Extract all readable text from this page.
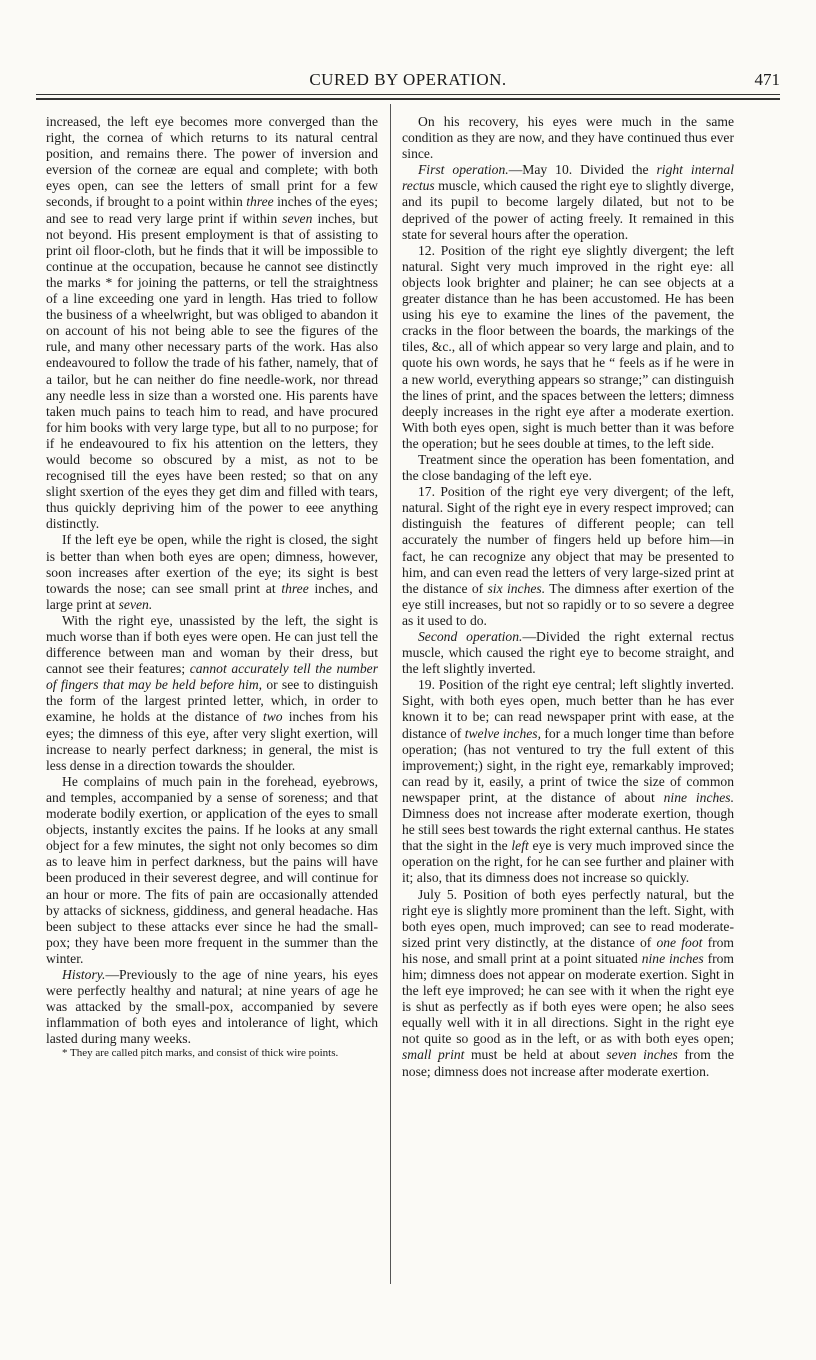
CURED BY OPERATION.	471

increased, the left eye becomes more converged than the right, the cornea of which returns to its natural central position, and remains there. The power of inversion and eversion of the corneæ are equal and complete; with both eyes open, can see the letters of small print for a few seconds, if brought to a point within three inches of the eyes; and see to read very large print if within seven inches, but not beyond. His present employment is that of assisting to print oil floor-cloth, but he finds that it will be impossible to continue at the occupation, because he cannot see distinctly the marks * for joining the patterns, or tell the straightness of a line exceeding one yard in length. Has tried to follow the business of a wheelwright, but was obliged to abandon it on account of his not being able to see the figures of the rule, and many other necessary parts of the work. Has also endeavoured to follow the trade of his father, namely, that of a tailor, but he can neither do fine needle-work, nor thread any needle less in size than a worsted one. His parents have taken much pains to teach him to read, and have procured for him books with very large type, but all to no purpose; for if he endeavoured to fix his attention on the letters, they would become so obscured by a mist, as not to be recognised till the eyes have been rested; so that on any slight sxertion of the eyes they get dim and filled with tears, thus quickly depriving him of the power to eee anything distinctly.

If the left eye be open, while the right is closed, the sight is better than when both eyes are open; dimness, however, soon increases after exertion of the eye; its sight is best towards the nose; can see small print at three inches, and large print at seven.

With the right eye, unassisted by the left, the sight is much worse than if both eyes were open. He can just tell the difference between man and woman by their dress, but cannot see their features; cannot accurately tell the number of fingers that may be held before him, or see to distinguish the form of the largest printed letter, which, in order to examine, he holds at the distance of two inches from his eyes; the dimness of this eye, after very slight exertion, will increase to nearly perfect darkness; in general, the mist is less dense in a direction towards the shoulder.

He complains of much pain in the forehead, eyebrows, and temples, accompanied by a sense of soreness; and that moderate bodily exertion, or application of the eyes to small objects, instantly excites the pains. If he looks at any small object for a few minutes, the sight not only becomes so dim as to leave him in perfect darkness, but the pains will have been produced in their severest degree, and will continue for an hour or more. The fits of pain are occasionally attended by attacks of sickness, giddiness, and general headache. Has been subject to these attacks ever since he had the small-pox; they have been more frequent in the summer than the winter.

History.—Previously to the age of nine years, his eyes were perfectly healthy and natural; at nine years of age he was attacked by the small-pox, accompanied by severe inflammation of both eyes and intolerance of light, which lasted during many weeks.

* They are called pitch marks, and consist of thick wire points.

On his recovery, his eyes were much in the same condition as they are now, and they have continued thus ever since.

First operation.—May 10. Divided the right internal rectus muscle, which caused the right eye to slightly diverge, and its pupil to become largely dilated, but not to be deprived of the power of acting freely. It remained in this state for several hours after the operation.

12. Position of the right eye slightly divergent; the left natural. Sight very much improved in the right eye: all objects look brighter and plainer; he can see objects at a greater distance than he has been accustomed. He has been using his eye to examine the lines of the pavement, the cracks in the floor between the boards, the markings of the tiles, &c., all of which appear so very large and plain, and to quote his own words, he says that he “ feels as if he were in a new world, everything appears so strange;” can distinguish the lines of print, and the spaces between the letters; dimness deeply increases in the right eye after a moderate exertion. With both eyes open, sight is much better than it was before the operation; but he sees double at times, to the left side.

Treatment since the operation has been fomentation, and the close bandaging of the left eye.

17. Position of the right eye very divergent; of the left, natural. Sight of the right eye in every respect improved; can distinguish the features of different people; can tell accurately the number of fingers held up before him—in fact, he can recognize any object that may be presented to him, and can even read the letters of very large-sized print at the distance of six inches. The dimness after exertion of the eye still increases, but not so rapidly or to so severe a degree as it used to do.

Second operation.—Divided the right external rectus muscle, which caused the right eye to become straight, and the left slightly inverted.

19. Position of the right eye central; left slightly inverted. Sight, with both eyes open, much better than he has ever known it to be; can read newspaper print with ease, at the distance of twelve inches, for a much longer time than before operation; (has not ventured to try the full extent of this improvement;) sight, in the right eye, remarkably improved; can read by it, easily, a print of twice the size of common newspaper print, at the distance of about nine inches. Dimness does not increase after moderate exertion, though he still sees best towards the right external canthus. He states that the sight in the left eye is very much improved since the operation on the right, for he can see further and plainer with it; also, that its dimness does not increase so quickly.

July 5. Position of both eyes perfectly natural, but the right eye is slightly more prominent than the left. Sight, with both eyes open, much improved; can see to read moderate-sized print very distinctly, at the distance of one foot from his nose, and small print at a point situated nine inches from him; dimness does not appear on moderate exertion. Sight in the left eye improved; he can see with it when the right eye is shut as perfectly as if both eyes were open; he also sees equally well with it in all directions. Sight in the right eye not quite so good as in the left, or as with both eyes open; small print must be held at about seven inches from the nose; dimness does not increase after moderate exertion.
